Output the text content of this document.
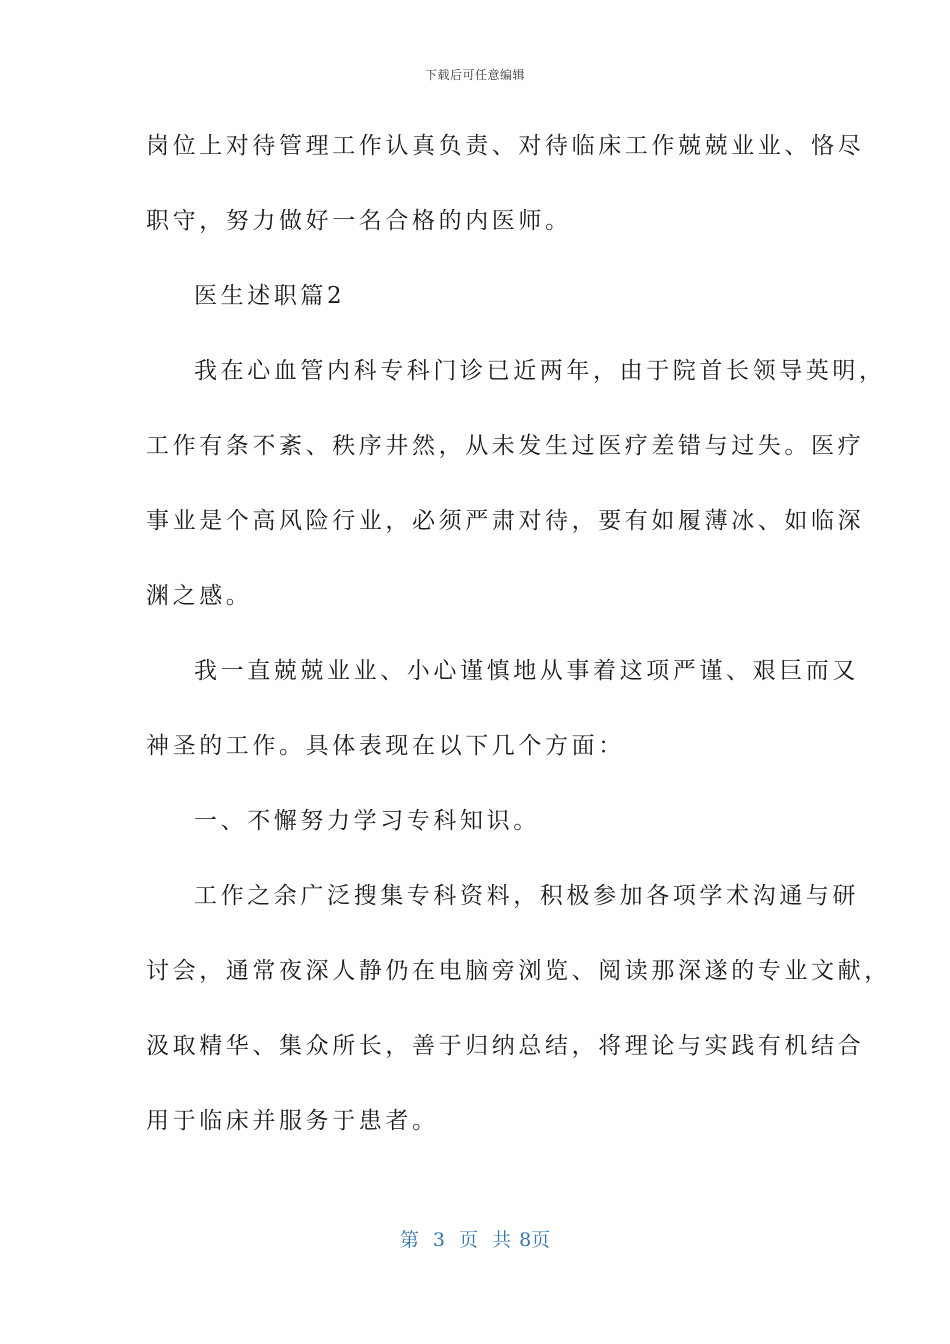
下载后可任意编辑
岗位上对待管理工作认真负责、对待临床工作兢兢业业、恪尽
职守，努力做好一名合格的内医师。
医生述职篇2
我在心血管内科专科门诊已近两年，由于院首长领导英明，
工作有条不紊、秩序井然，从未发生过医疗差错与过失。医疗
事业是个高风险行业，必须严肃对待，要有如履薄冰、如临深
渊之感。
我一直兢兢业业、小心谨慎地从事着这项严谨、艰巨而又
神圣的工作。具体表现在以下几个方面：
一、不懈努力学习专科知识。
工作之余广泛搜集专科资料，积极参加各项学术沟通与研
讨会，通常夜深人静仍在电脑旁浏览、阅读那深遂的专业文献，
汲取精华、集众所长，善于归纳总结，将理论与实践有机结合
用于临床并服务于患者。
第 3 页 共 8页
